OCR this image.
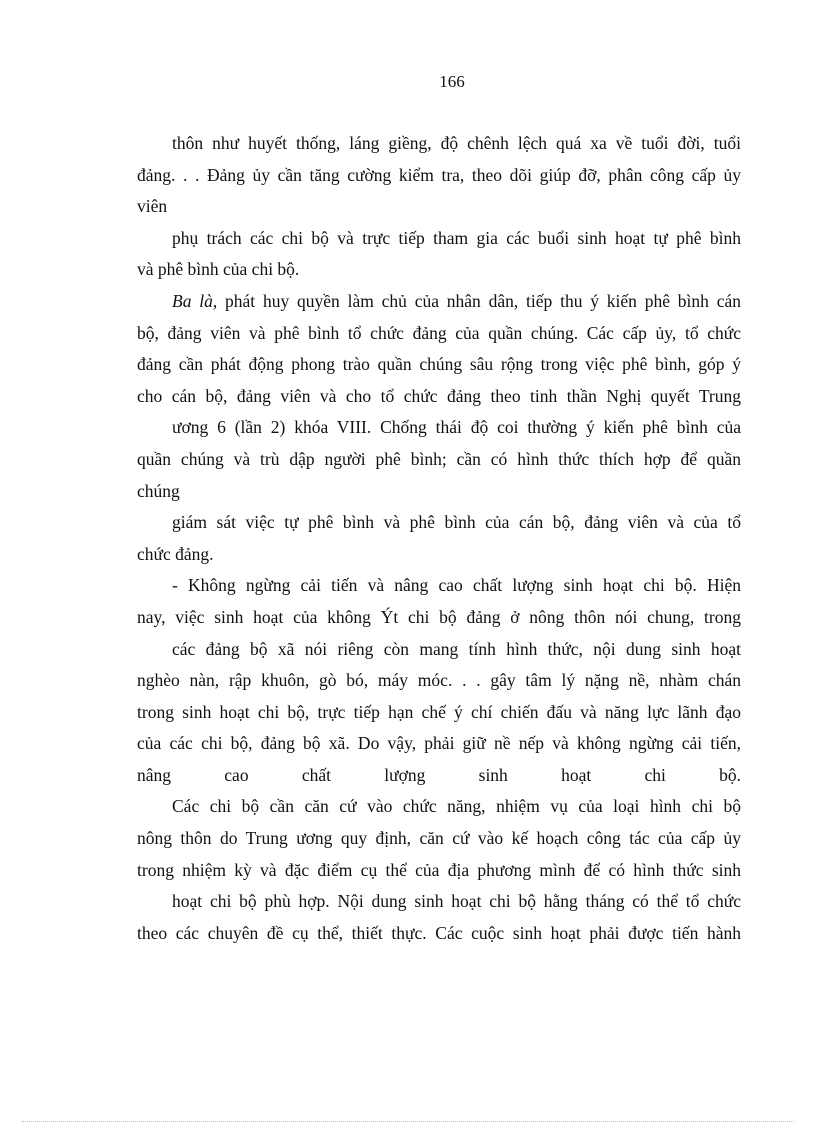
166
thôn như huyết thống, láng giềng, độ chênh lệch quá xa về tuổi đời, tuổi
đảng. . . Đảng ủy cần tăng cường kiểm tra, theo dõi giúp đỡ, phân công cấp ủy
viên
phụ trách các chi bộ và trực tiếp tham gia các buổi sinh hoạt tự phê bình
và phê bình của chi bộ.
Ba là, phát huy quyền làm chủ của nhân dân, tiếp thu ý kiến phê bình cán
bộ, đảng viên và phê bình tổ chức đảng của quần chúng. Các cấp ủy, tổ chức
đảng cần phát động phong trào quần chúng sâu rộng trong việc phê bình, góp ý
cho cán bộ, đảng viên và cho tổ chức đảng theo tinh thần Nghị quyết Trung
ương 6 (lần 2) khóa VIII. Chống thái độ coi thường ý kiến phê bình của
quần chúng và trù dập người phê bình; cần có hình thức thích hợp để quần
chúng
giám sát việc tự phê bình và phê bình của cán bộ, đảng viên và của tổ
chức đảng.
- Không ngừng cải tiến và nâng cao chất lượng sinh hoạt chi bộ. Hiện
nay, việc sinh hoạt của không Ýt chi bộ đảng ở nông thôn nói chung, trong
các đảng bộ xã nói riêng còn mang tính hình thức, nội dung sinh hoạt
nghèo nàn, rập khuôn, gò bó, máy móc. . . gây tâm lý nặng nề, nhàm chán
trong sinh hoạt chi bộ, trực tiếp hạn chế ý chí chiến đấu và năng lực lãnh đạo
của các chi bộ, đảng bộ xã. Do vậy, phải giữ nề nếp và không ngừng cải tiến,
nâng cao chất lượng sinh hoạt chi bộ.
Các chi bộ cần căn cứ vào chức năng, nhiệm vụ của loại hình chi bộ
nông thôn do Trung ương quy định, căn cứ vào kế hoạch công tác của cấp ủy
trong nhiệm kỳ và đặc điểm cụ thể của địa phương mình để có hình thức sinh
hoạt chi bộ phù hợp. Nội dung sinh hoạt chi bộ hằng tháng có thể tổ chức
theo các chuyên đề cụ thể, thiết thực. Các cuộc sinh hoạt phải được tiến hành
